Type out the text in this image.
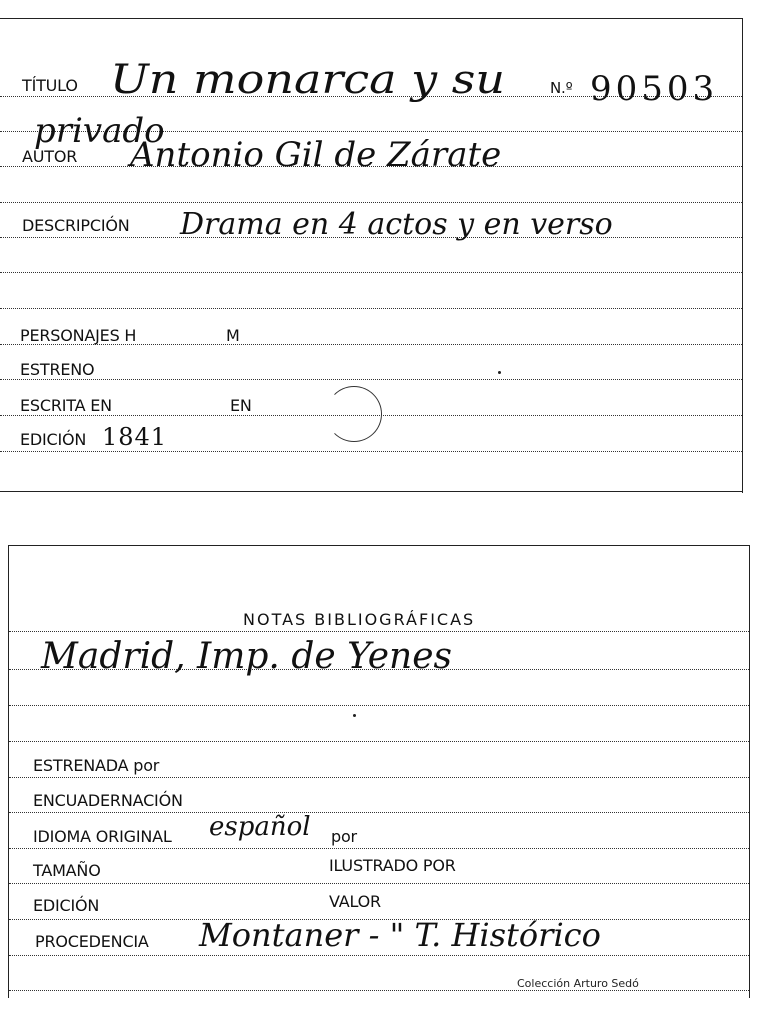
TÍTULO Un monarca y su	N.º 90503
privado
AUTOR Antonio Gil de Zárate
DESCRIPCIÓN Drama en 4 actos y en verso
PERSONAJES H	M
ESTRENO
ESCRITA EN	EN
EDICIÓN 1841
NOTAS BIBLIOGRÁFICAS
Madrid, Imp. de Yenes
ESTRENADA por
ENCUADERNACIÓN
IDIOMA ORIGINAL español por
TAMAÑO	ILUSTRADO POR
EDICIÓN	VALOR
PROCEDENCIA Montaner - " T. Histórico
Colección Arturo Sedó
